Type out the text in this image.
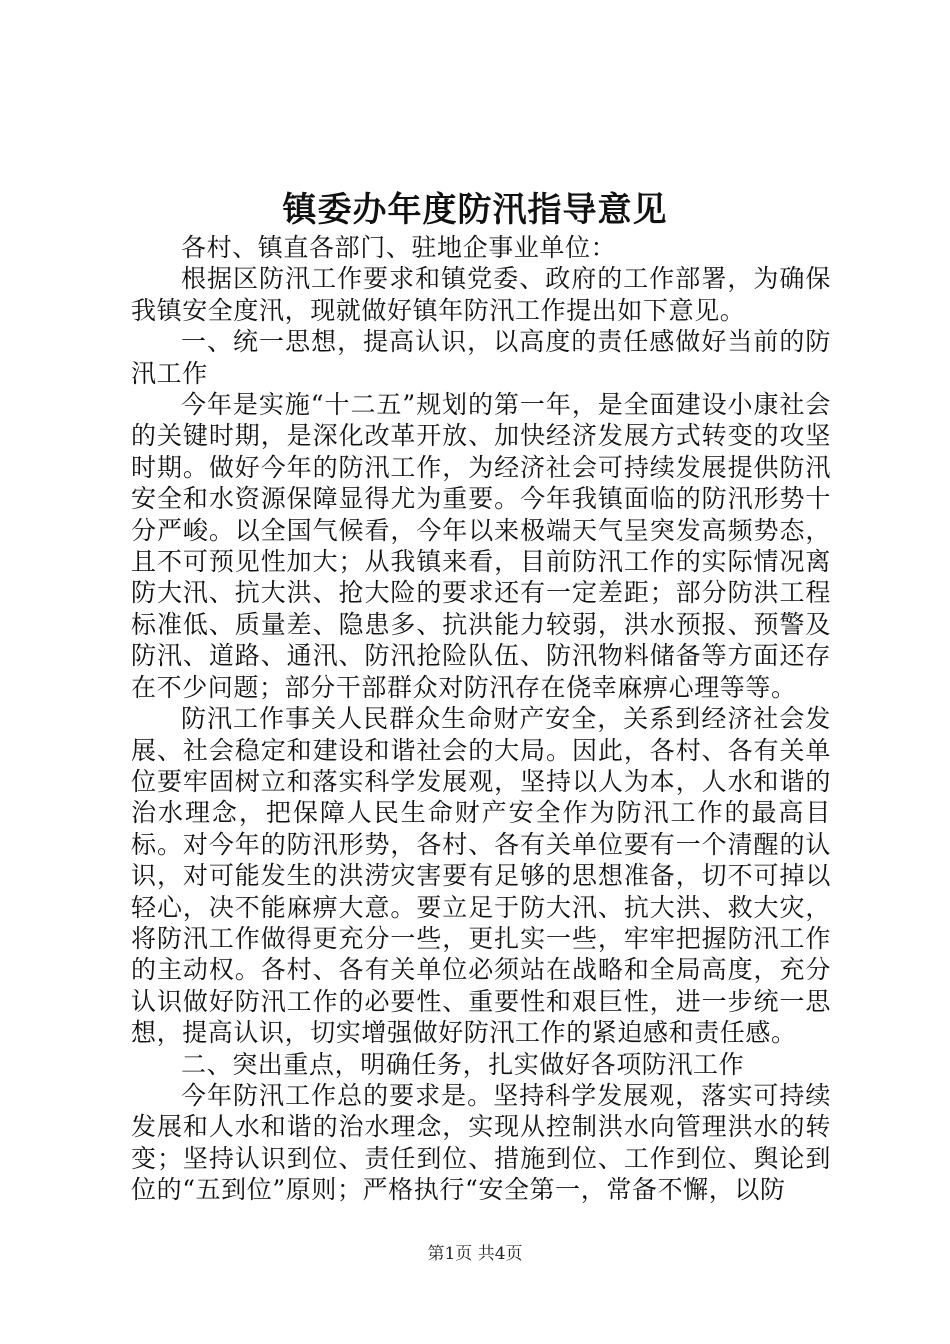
镇委办年度防汛指导意见

各村、镇直各部门、驻地企事业单位：

根据区防汛工作要求和镇党委、政府的工作部署，为确保我镇安全度汛，现就做好镇年防汛工作提出如下意见。

一、统一思想，提高认识，以高度的责任感做好当前的防汛工作

今年是实施“十二五”规划的第一年，是全面建设小康社会的关键时期，是深化改革开放、加快经济发展方式转变的攻坚时期。做好今年的防汛工作，为经济社会可持续发展提供防汛安全和水资源保障显得尤为重要。今年我镇面临的防汛形势十分严峻。以全国气候看，今年以来极端天气呈突发高频势态，且不可预见性加大；从我镇来看，目前防汛工作的实际情况离防大汛、抗大洪、抢大险的要求还有一定差距；部分防洪工程标准低、质量差、隐患多、抗洪能力较弱，洪水预报、预警及防汛、道路、通汛、防汛抢险队伍、防汛物料储备等方面还存在不少问题；部分干部群众对防汛存在侥幸麻痹心理等等。

防汛工作事关人民群众生命财产安全，关系到经济社会发展、社会稳定和建设和谐社会的大局。因此，各村、各有关单位要牢固树立和落实科学发展观，坚持以人为本，人水和谐的治水理念，把保障人民生命财产安全作为防汛工作的最高目标。对今年的防汛形势，各村、各有关单位要有一个清醒的认识，对可能发生的洪涝灾害要有足够的思想准备，切不可掉以轻心，决不能麻痹大意。要立足于防大汛、抗大洪、救大灾，将防汛工作做得更充分一些，更扎实一些，牢牢把握防汛工作的主动权。各村、各有关单位必须站在战略和全局高度，充分认识做好防汛工作的必要性、重要性和艰巨性，进一步统一思想，提高认识，切实增强做好防汛工作的紧迫感和责任感。

二、突出重点，明确任务，扎实做好各项防汛工作

今年防汛工作总的要求是。坚持科学发展观，落实可持续发展和人水和谐的治水理念，实现从控制洪水向管理洪水的转变；坚持认识到位、责任到位、措施到位、工作到位、舆论到位的“五到位”原则；严格执行“安全第一，常备不懈，以防

第1页 共4页
